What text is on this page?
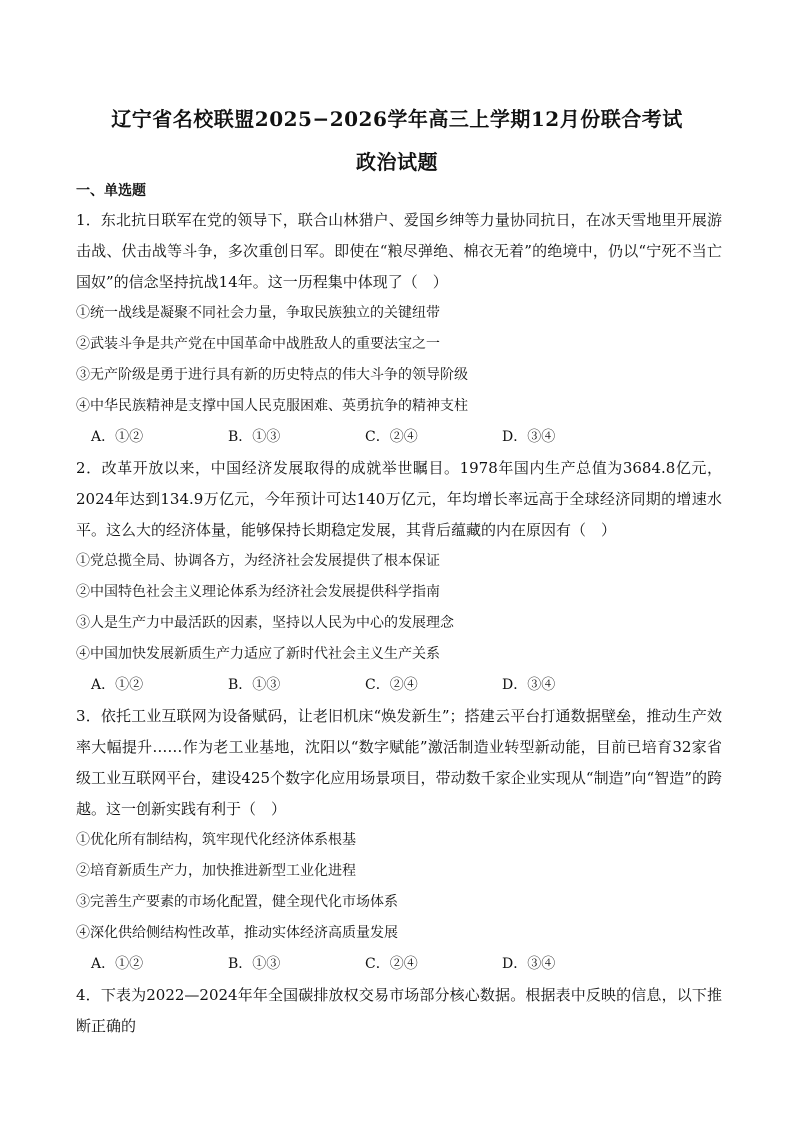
辽宁省名校联盟2025−2026学年高三上学期12月份联合考试
政治试题
一、单选题

1．东北抗日联军在党的领导下，联合山林猎户、爱国乡绅等力量协同抗日，在冰天雪地里开展游击战、伏击战等斗争，多次重创日军。即使在“粮尽弹绝、棉衣无着”的绝境中，仍以“宁死不当亡国奴”的信念坚持抗战14年。这一历程集中体现了（　）

①统一战线是凝聚不同社会力量，争取民族独立的关键纽带

②武装斗争是共产党在中国革命中战胜敌人的重要法宝之一

③无产阶级是勇于进行具有新的历史特点的伟大斗争的领导阶级

④中华民族精神是支撑中国人民克服困难、英勇抗争的精神支柱

A．①②	B．①③	C．②④	D．③④

2．改革开放以来，中国经济发展取得的成就举世瞩目。1978年国内生产总值为3684.8亿元，2024年达到134.9万亿元，今年预计可达140万亿元，年均增长率远高于全球经济同期的增速水平。这么大的经济体量，能够保持长期稳定发展，其背后蕴藏的内在原因有（　）

①党总揽全局、协调各方，为经济社会发展提供了根本保证

②中国特色社会主义理论体系为经济社会发展提供科学指南

③人是生产力中最活跃的因素，坚持以人民为中心的发展理念

④中国加快发展新质生产力适应了新时代社会主义生产关系

A．①②	B．①③	C．②④	D．③④

3．依托工业互联网为设备赋码，让老旧机床“焕发新生”；搭建云平台打通数据壁垒，推动生产效率大幅提升……作为老工业基地，沈阳以“数字赋能”激活制造业转型新动能，目前已培育32家省级工业互联网平台，建设425个数字化应用场景项目，带动数千家企业实现从“制造”向“智造”的跨越。这一创新实践有利于（　）

①优化所有制结构，筑牢现代化经济体系根基

②培育新质生产力，加快推进新型工业化进程

③完善生产要素的市场化配置，健全现代化市场体系

④深化供给侧结构性改革，推动实体经济高质量发展

A．①②	B．①③	C．②④	D．③④

4．下表为2022—2024年年全国碳排放权交易市场部分核心数据。根据表中反映的信息，以下推断正确的
